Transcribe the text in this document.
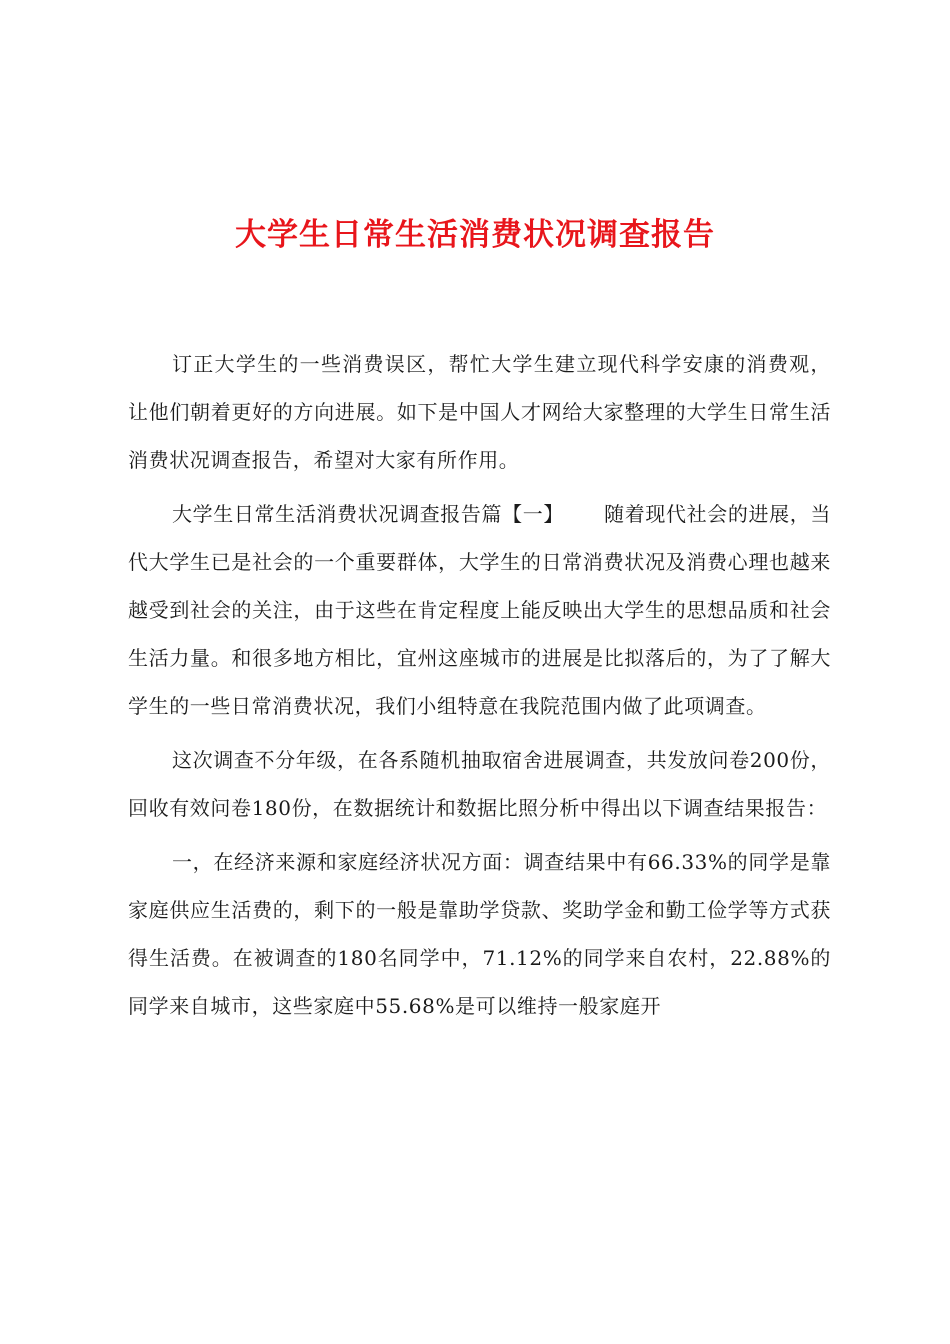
大学生日常生活消费状况调查报告

订正大学生的一些消费误区，帮忙大学生建立现代科学安康的消费观，让他们朝着更好的方向进展。如下是中国人才网给大家整理的大学生日常生活消费状况调查报告，希望对大家有所作用。

大学生日常生活消费状况调查报告篇【一】 随着现代社会的进展，当代大学生已是社会的一个重要群体，大学生的日常消费状况及消费心理也越来越受到社会的关注，由于这些在肯定程度上能反映出大学生的思想品质和社会生活力量。和很多地方相比，宜州这座城市的进展是比拟落后的，为了了解大学生的一些日常消费状况，我们小组特意在我院范围内做了此项调查。

这次调查不分年级，在各系随机抽取宿舍进展调查，共发放问卷200份，回收有效问卷180份，在数据统计和数据比照分析中得出以下调查结果报告：

一，在经济来源和家庭经济状况方面：调查结果中有66.33%的同学是靠家庭供应生活费的，剩下的一般是靠助学贷款、奖助学金和勤工俭学等方式获得生活费。在被调查的180名同学中，71.12%的同学来自农村，22.88%的同学来自城市，这些家庭中55.68%是可以维持一般家庭开
